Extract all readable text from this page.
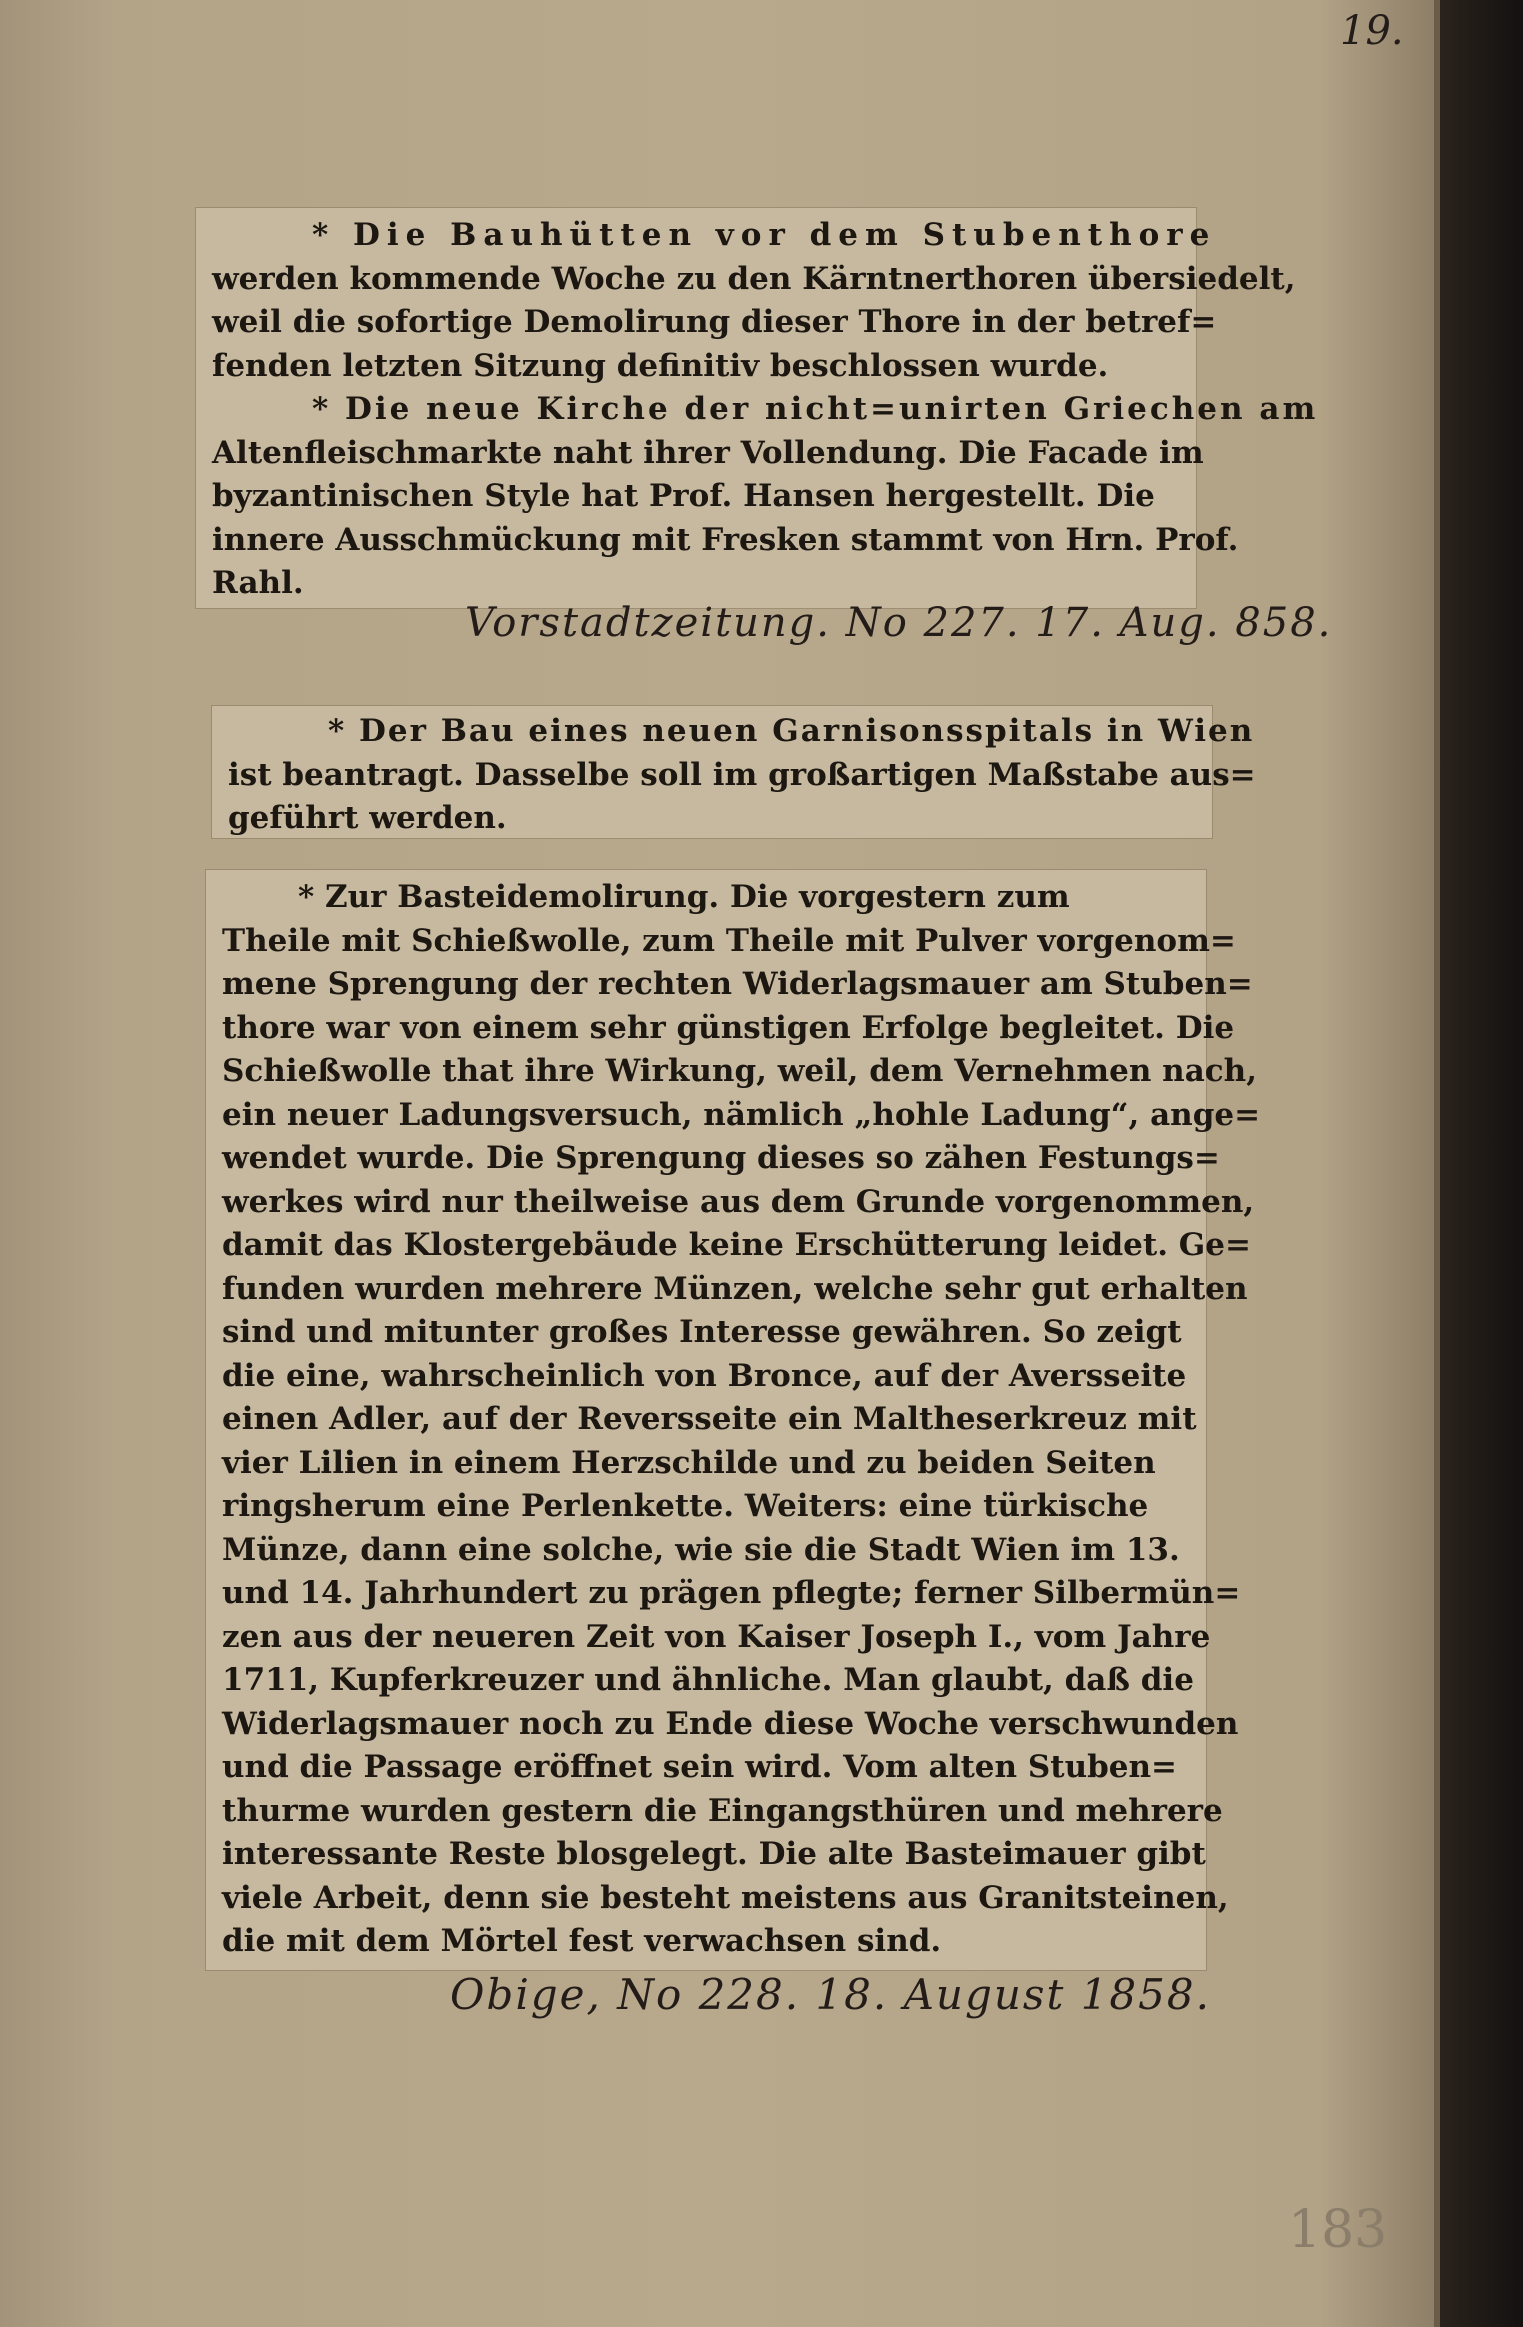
19.
* Die Bauhütten vor dem Stubenthore
werden kommende Woche zu den Kärntnerthoren übersiedelt,
weil die sofortige Demolirung dieser Thore in der betref=
fenden letzten Sitzung definitiv beschlossen wurde.
* Die neue Kirche der nicht=unirten Griechen am
Altenfleischmarkte naht ihrer Vollendung. Die Facade im
byzantinischen Style hat Prof. Hansen hergestellt. Die
innere Ausschmückung mit Fresken stammt von Hrn. Prof.
Rahl.
Vorstadtzeitung. No 227. 17. Aug. 858.
* Der Bau eines neuen Garnisonsspitals in Wien
ist beantragt. Dasselbe soll im großartigen Maßstabe aus=
geführt werden.
* Zur Basteidemolirung. Die vorgestern zum
Theile mit Schießwolle, zum Theile mit Pulver vorgenom=
mene Sprengung der rechten Widerlagsmauer am Stuben=
thore war von einem sehr günstigen Erfolge begleitet. Die
Schießwolle that ihre Wirkung, weil, dem Vernehmen nach,
ein neuer Ladungsversuch, nämlich „hohle Ladung“, ange=
wendet wurde. Die Sprengung dieses so zähen Festungs=
werkes wird nur theilweise aus dem Grunde vorgenommen,
damit das Klostergebäude keine Erschütterung leidet. Ge=
funden wurden mehrere Münzen, welche sehr gut erhalten
sind und mitunter großes Interesse gewähren. So zeigt
die eine, wahrscheinlich von Bronce, auf der Aversseite
einen Adler, auf der Reversseite ein Maltheserkreuz mit
vier Lilien in einem Herzschilde und zu beiden Seiten
ringsherum eine Perlenkette. Weiters: eine türkische
Münze, dann eine solche, wie sie die Stadt Wien im 13.
und 14. Jahrhundert zu prägen pflegte; ferner Silbermün=
zen aus der neueren Zeit von Kaiser Joseph I., vom Jahre
1711, Kupferkreuzer und ähnliche. Man glaubt, daß die
Widerlagsmauer noch zu Ende diese Woche verschwunden
und die Passage eröffnet sein wird. Vom alten Stuben=
thurme wurden gestern die Eingangsthüren und mehrere
interessante Reste blosgelegt. Die alte Basteimauer gibt
viele Arbeit, denn sie besteht meistens aus Granitsteinen,
die mit dem Mörtel fest verwachsen sind.
Obige, No 228. 18. August 1858.
183
